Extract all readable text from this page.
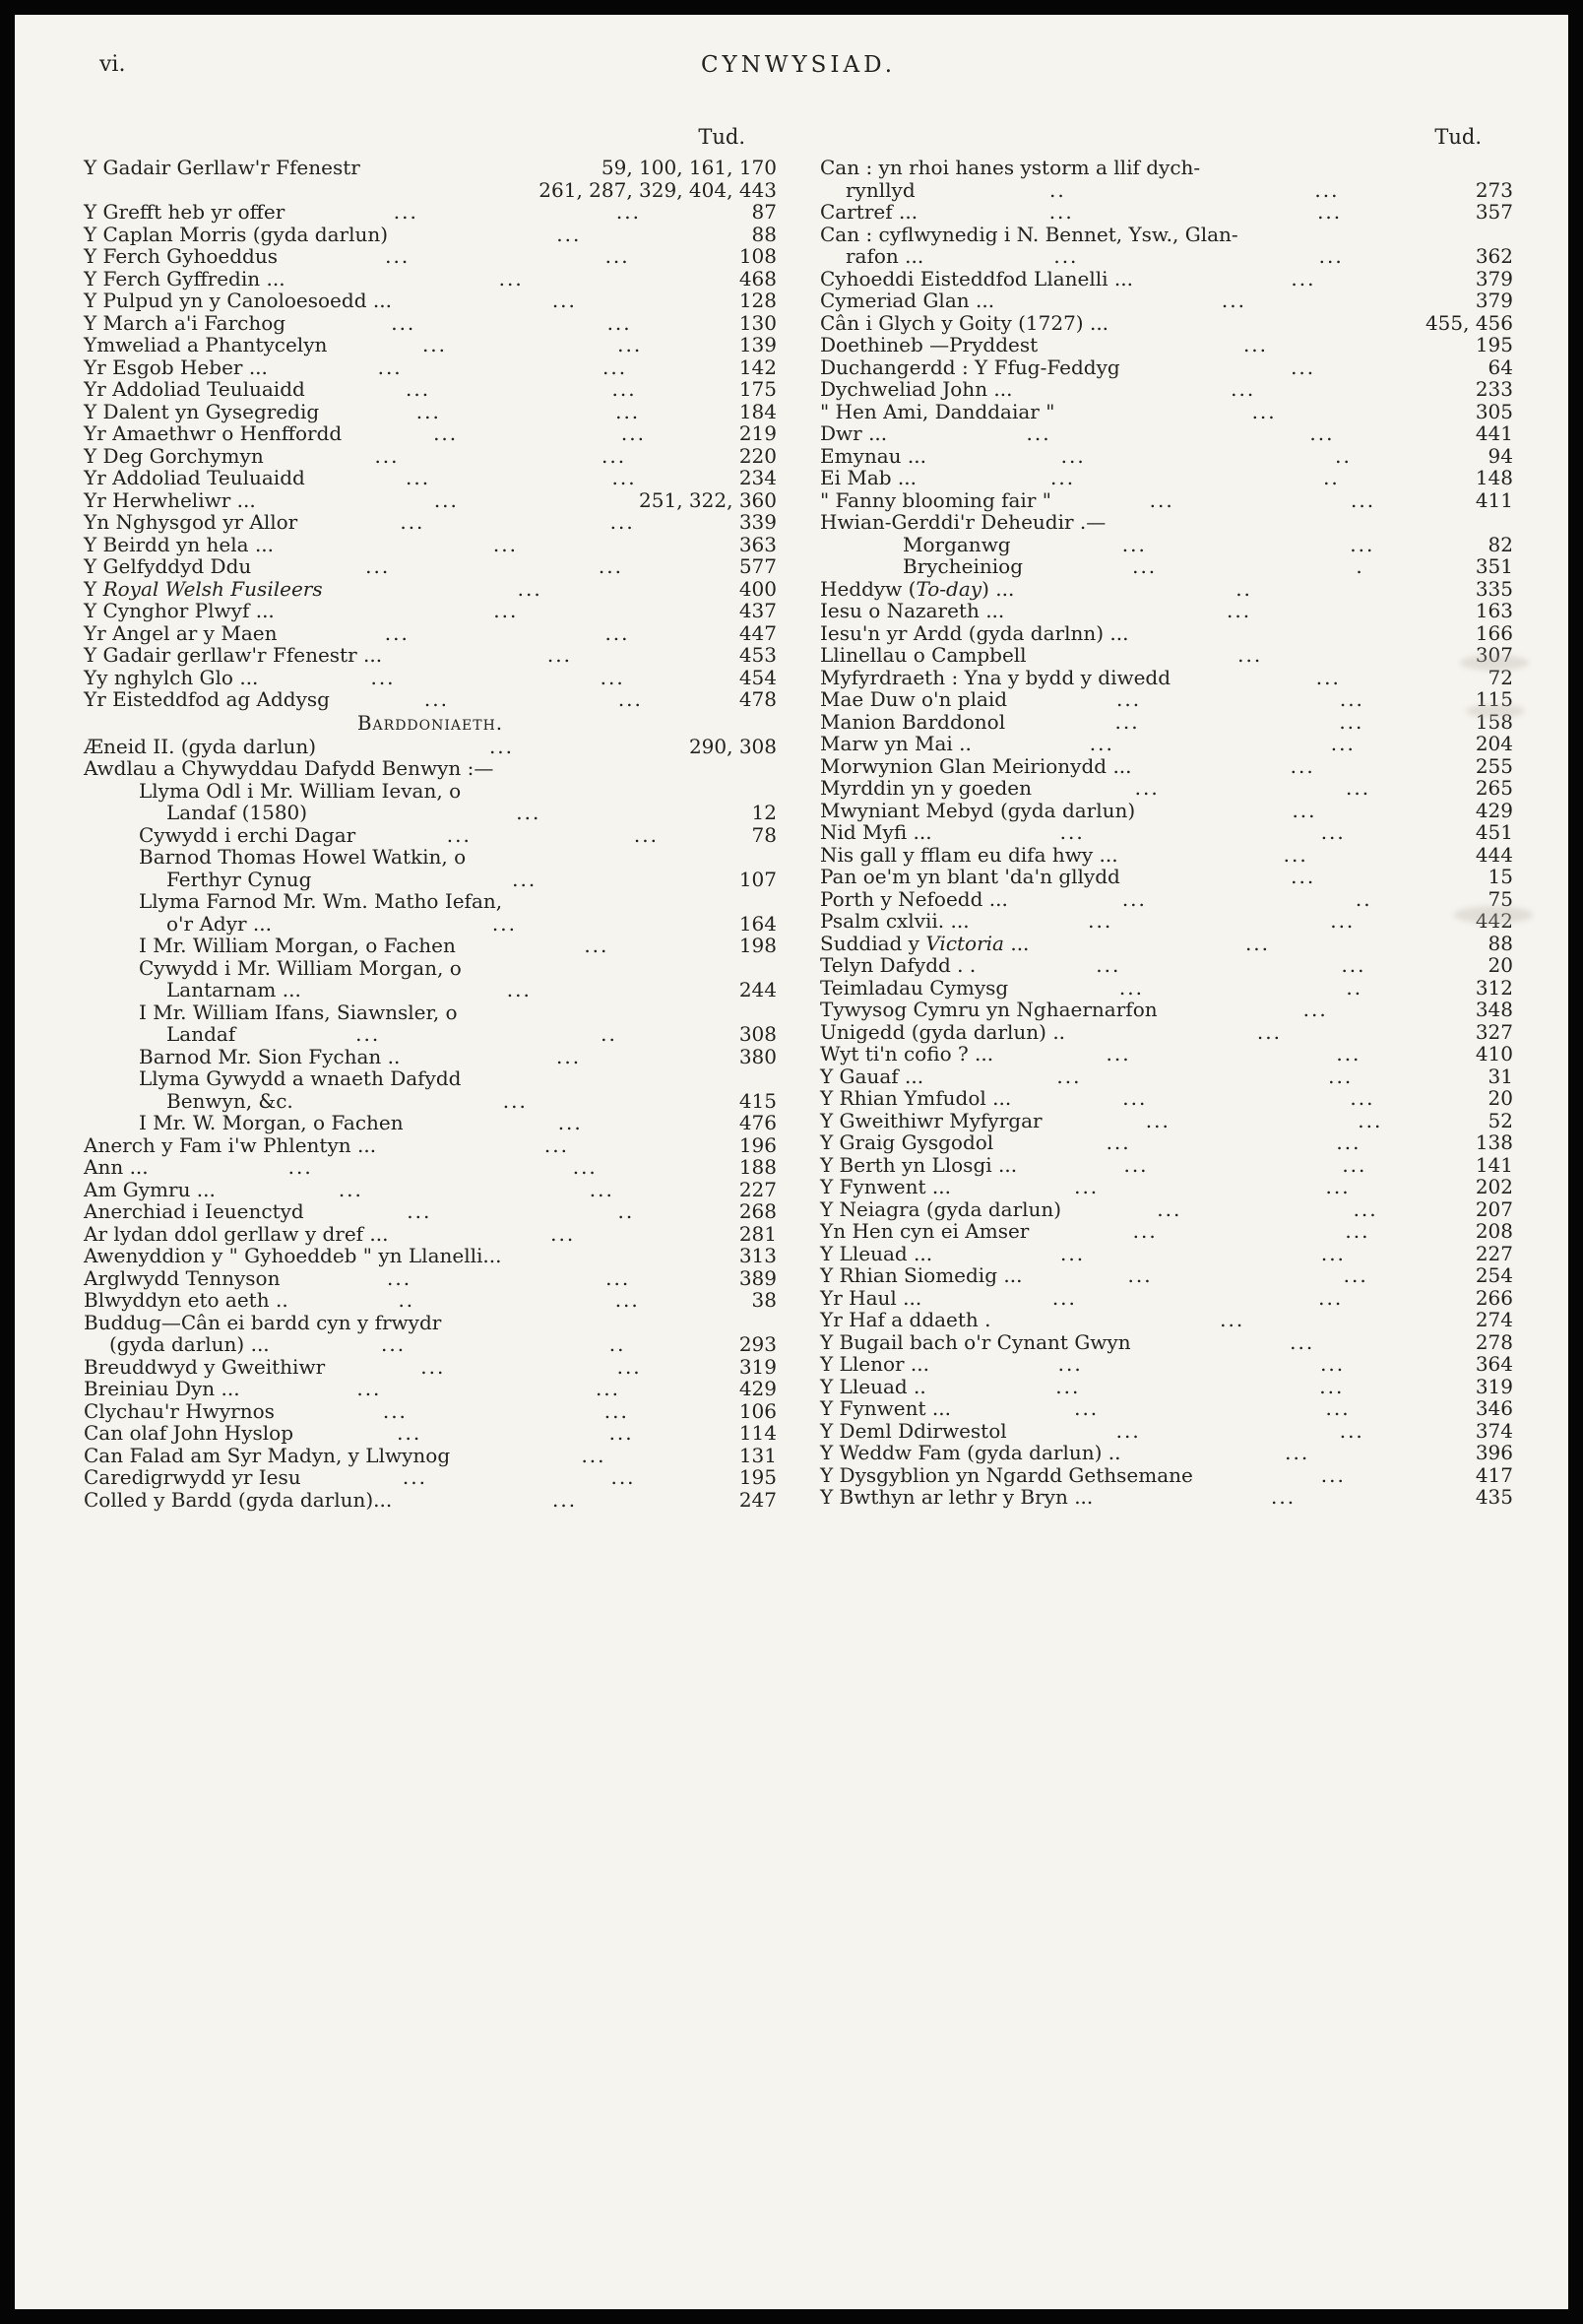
vi.	CYNWYSIAD.
Tud.
Y Gadair Gerllaw'r Ffenestr	59, 100, 161, 170
261, 287, 329, 404, 443
Y Grefft heb yr offer	...	...	87
Y Caplan Morris (gyda darlun)	...	88
Y Ferch Gyhoeddus	...	...	108
Y Ferch Gyffredin ...	...	468
Y Pulpud yn y Canoloesoedd ...	...	128
Y March a'i Farchog	...	...	130
Ymweliad a Phantycelyn	...	...	139
Yr Esgob Heber ...	...	...	142
Yr Addoliad Teuluaidd	...	...	175
Y Dalent yn Gysegredig	...	...	184
Yr Amaethwr o Henffordd	...	...	219
Y Deg Gorchymyn	...	...	220
Yr Addoliad Teuluaidd	...	...	234
Yr Herwheliwr ...	...	251, 322, 360
Yn Nghysgod yr Allor	...	...	339
Y Beirdd yn hela ...	...	363
Y Gelfyddyd Ddu	...	...	577
Y Royal Welsh Fusileers	...	400
Y Cynghor Plwyf ...	...	437
Yr Angel ar y Maen	...	...	447
Y Gadair gerllaw'r Ffenestr ...	...	453
Yy nghylch Glo ...	...	...	454
Yr Eisteddfod ag Addysg	...	...	478
Barddoniaeth.
Æneid II. (gyda darlun)	...	290, 308
Awdlau a Chywyddau Dafydd Benwyn :—
Llyma Odl i Mr. William Ievan, o
Landaf (1580)	...	12
Cywydd i erchi Dagar	...	...	78
Barnod Thomas Howel Watkin, o
Ferthyr Cynug	...	107
Llyma Farnod Mr. Wm. Matho Iefan,
o'r Adyr ...	...	164
I Mr. William Morgan, o Fachen	...	198
Cywydd i Mr. William Morgan, o
Lantarnam ...	...	244
I Mr. William Ifans, Siawnsler, o
Landaf	...	..	308
Barnod Mr. Sion Fychan ..	...	380
Llyma Gywydd a wnaeth Dafydd
Benwyn, &c.	...	415
I Mr. W. Morgan, o Fachen	...	476
Anerch y Fam i'w Phlentyn ...	...	196
Ann ...	...	...	188
Am Gymru ...	...	...	227
Anerchiad i Ieuenctyd	...	..	268
Ar lydan ddol gerllaw y dref ...	...	281
Awenyddion y " Gyhoeddeb " yn Llanelli...	313
Arglwydd Tennyson	...	...	389
Blwyddyn eto aeth ..	..	...	38
Buddug—Cân ei bardd cyn y frwydr
(gyda darlun) ...	...	..	293
Breuddwyd y Gweithiwr	...	...	319
Breiniau Dyn ...	...	...	429
Clychau'r Hwyrnos	...	...	106
Can olaf John Hyslop	...	...	114
Can Falad am Syr Madyn, y Llwynog	...	131
Caredigrwydd yr Iesu	...	...	195
Colled y Bardd (gyda darlun)...	...	247
Tud.
Can : yn rhoi hanes ystorm a llif dych-
rynllyd	..	...	273
Cartref ...	...	...	357
Can : cyflwynedig i N. Bennet, Ysw., Glan-
rafon ...	...	...	362
Cyhoeddi Eisteddfod Llanelli ...	...	379
Cymeriad Glan ...	...	379
Cân i Glych y Goity (1727) ...	455, 456
Doethineb —Pryddest	...	195
Duchangerdd : Y Ffug-Feddyg	...	64
Dychweliad John ...	...	233
" Hen Ami, Danddaiar "	...	305
Dwr ...	...	...	441
Emynau ...	...	..	94
Ei Mab ...	...	..	148
" Fanny blooming fair "	...	...	411
Hwian-Gerddi'r Deheudir .—
Morganwg	...	...	82
Brycheiniog	...	.	351
Heddyw (To-day) ...	..	335
Iesu o Nazareth ...	...	163
Iesu'n yr Ardd (gyda darlnn) ...	166
Llinellau o Campbell	...	307
Myfyrdraeth : Yna y bydd y diwedd	...	72
Mae Duw o'n plaid	...	...	115
Manion Barddonol	...	...	158
Marw yn Mai ..	...	...	204
Morwynion Glan Meirionydd ...	...	255
Myrddin yn y goeden	...	...	265
Mwyniant Mebyd (gyda darlun)	...	429
Nid Myfi ...	...	...	451
Nis gall y fflam eu difa hwy ...	...	444
Pan oe'm yn blant 'da'n gllydd	...	15
Porth y Nefoedd ...	...	..	75
Psalm cxlvii. ...	...	...	442
Suddiad y Victoria ...	...	88
Telyn Dafydd . .	...	...	20
Teimladau Cymysg	...	..	312
Tywysog Cymru yn Nghaernarfon	...	348
Unigedd (gyda darlun) ..	...	327
Wyt ti'n cofio ? ...	...	...	410
Y Gauaf ...	...	...	31
Y Rhian Ymfudol ...	...	...	20
Y Gweithiwr Myfyrgar	...	...	52
Y Graig Gysgodol	...	...	138
Y Berth yn Llosgi ...	...	...	141
Y Fynwent ...	...	...	202
Y Neiagra (gyda darlun)	...	...	207
Yn Hen cyn ei Amser	...	...	208
Y Lleuad ...	...	...	227
Y Rhian Siomedig ...	...	...	254
Yr Haul ...	...	...	266
Yr Haf a ddaeth .	...	274
Y Bugail bach o'r Cynant Gwyn	...	278
Y Llenor ...	...	...	364
Y Lleuad ..	...	...	319
Y Fynwent ...	...	...	346
Y Deml Ddirwestol	...	...	374
Y Weddw Fam (gyda darlun) ..	...	396
Y Dysgyblion yn Ngardd Gethsemane	...	417
Y Bwthyn ar lethr y Bryn ...	...	435
